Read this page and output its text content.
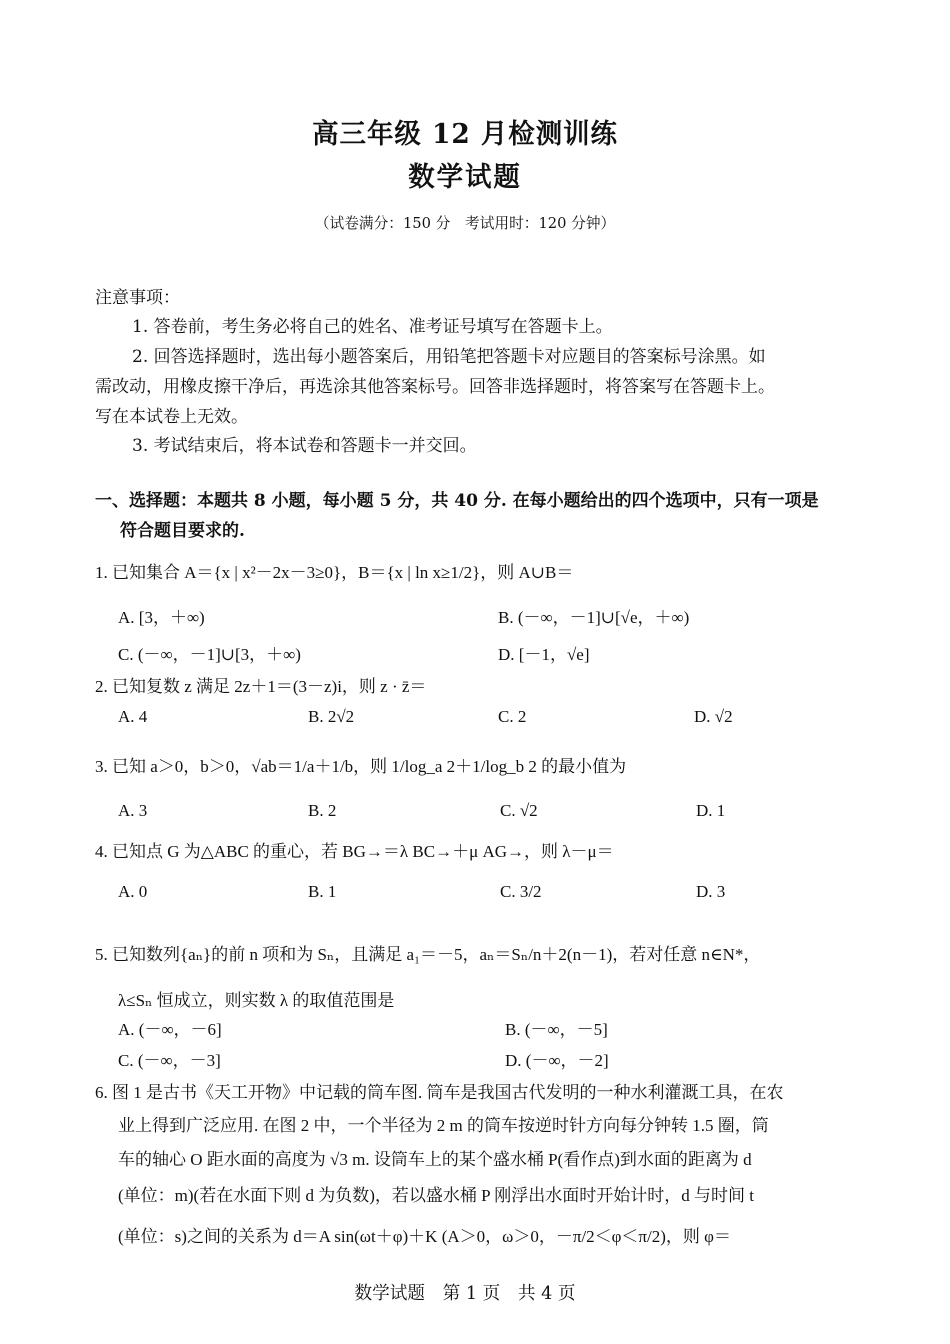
高三年级 12 月检测训练
数学试题
（试卷满分：150 分　考试用时：120 分钟）
注意事项：
1. 答卷前，考生务必将自己的姓名、准考证号填写在答题卡上。
2. 回答选择题时，选出每小题答案后，用铅笔把答题卡对应题目的答案标号涂黑。如
需改动，用橡皮擦干净后，再选涂其他答案标号。回答非选择题时，将答案写在答题卡上。
写在本试卷上无效。
3. 考试结束后，将本试卷和答题卡一并交回。
一、选择题：本题共 8 小题，每小题 5 分，共 40 分. 在每小题给出的四个选项中，只有一项是
符合题目要求的.
1. 已知集合 A＝{x | x²－2x－3≥0}，B＝{x | ln x≥1/2}，则 A∪B＝
A. [3，＋∞)	B. (－∞，－1]∪[√e，＋∞)
C. (－∞，－1]∪[3，＋∞)	D. [－1，√e]
2. 已知复数 z 满足 2z＋1＝(3－z)i，则 z · z̄＝
A. 4	B. 2√2	C. 2	D. √2
3. 已知 a＞0，b＞0，√ab＝1/a＋1/b，则 1/log_a 2＋1/log_b 2 的最小值为
A. 3	B. 2	C. √2	D. 1
4. 已知点 G 为△ABC 的重心，若 BG→＝λ BC→＋μ AG→，则 λ－μ＝
A. 0	B. 1	C. 3/2	D. 3
5. 已知数列{aₙ}的前 n 项和为 Sₙ，且满足 a₁＝－5，aₙ＝Sₙ/n＋2(n－1)，若对任意 n∈N*，
λ≤Sₙ 恒成立，则实数 λ 的取值范围是
A. (－∞，－6]	B. (－∞，－5]
C. (－∞，－3]	D. (－∞，－2]
6. 图 1 是古书《天工开物》中记载的筒车图. 筒车是我国古代发明的一种水利灌溉工具，在农
业上得到广泛应用. 在图 2 中，一个半径为 2 m 的筒车按逆时针方向每分钟转 1.5 圈，筒
车的轴心 O 距水面的高度为 √3 m. 设筒车上的某个盛水桶 P(看作点)到水面的距离为 d
(单位：m)(若在水面下则 d 为负数)，若以盛水桶 P 刚浮出水面时开始计时，d 与时间 t
(单位：s)之间的关系为 d＝A sin(ωt＋φ)＋K (A＞0，ω＞0，－π/2＜φ＜π/2)，则 φ＝
数学试题　第 1 页　共 4 页
